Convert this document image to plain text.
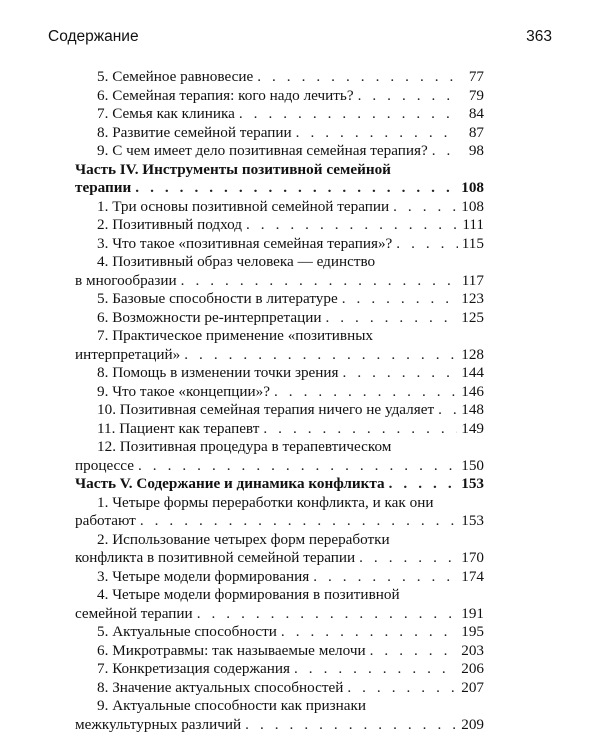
Содержание	363
5. Семейное равновесие . . .	77
6. Семейная терапия: кого надо лечить? . . .	79
7. Семья как клиника . . .	84
8. Развитие семейной терапии . . .	87
9. С чем имеет дело позитивная семейная терапия? . . .	98
Часть IV. Инструменты позитивной семейной
терапии . . .	108
1. Три основы позитивной семейной терапии . . .	108
2. Позитивный подход . . .	111
3. Что такое «позитивная семейная терапия»? . . .	115
4. Позитивный образ человека — единство
в многообразии . . .	117
5. Базовые способности в литературе . . .	123
6. Возможности ре-интерпретации . . .	125
7. Практическое применение «позитивных
интерпретаций» . . .	128
8. Помощь в изменении точки зрения . . .	144
9. Что такое «концепции»? . . .	146
10. Позитивная семейная терапия ничего не удаляет . . . 148
11. Пациент как терапевт . . .	149
12. Позитивная процедура в терапевтическом
процессе . . .	150
Часть V. Содержание и динамика конфликта . . .	153
1. Четыре формы переработки конфликта, и как они
работают . . .	153
2. Использование четырех форм переработки
конфликта в позитивной семейной терапии . . .	170
3. Четыре модели формирования . . .	174
4. Четыре модели формирования в позитивной
семейной терапии . . .	191
5. Актуальные способности . . .	195
6. Микротравмы: так называемые мелочи . . .	203
7. Конкретизация содержания . . .	206
8. Значение актуальных способностей . . .	207
9. Актуальные способности как признаки
межкультурных различий . . .	209
